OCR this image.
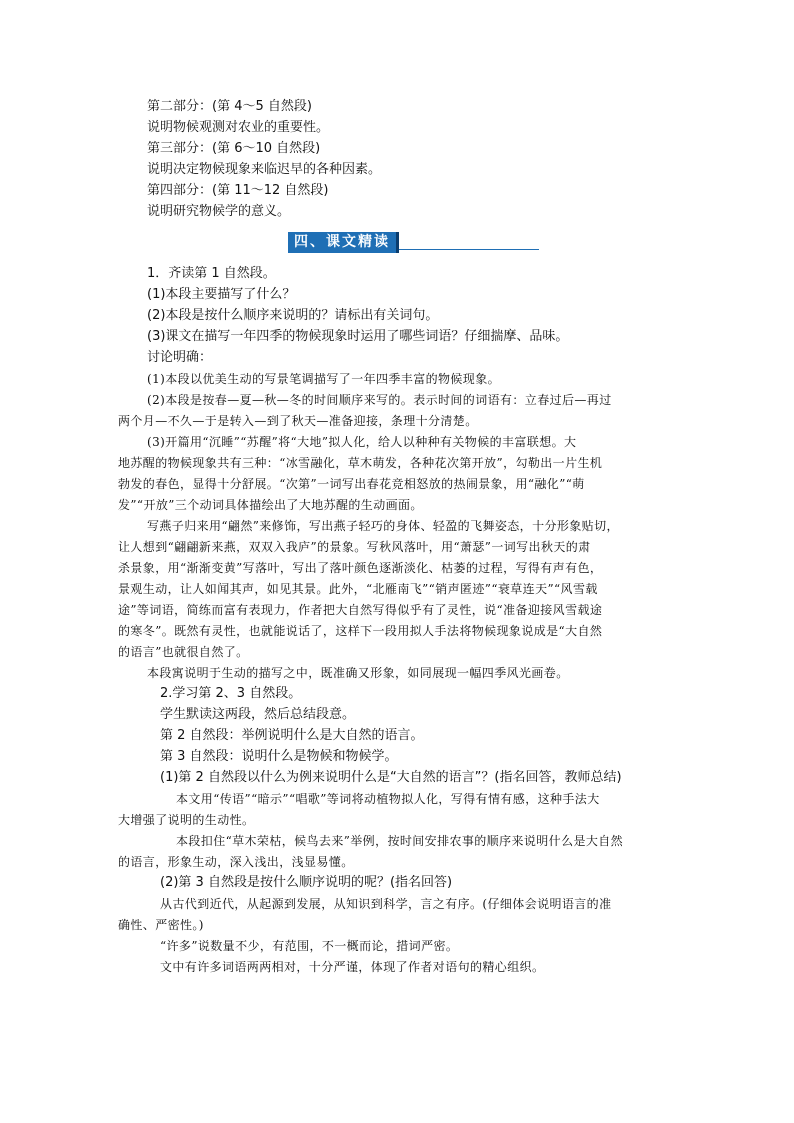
第二部分：(第 4～5 自然段)
说明物候观测对农业的重要性。
第三部分：(第 6～10 自然段)
说明决定物候现象来临迟早的各种因素。
第四部分：(第 11～12 自然段)
说明研究物候学的意义。
四、课文精读
1．齐读第 1 自然段。
(1)本段主要描写了什么？
(2)本段是按什么顺序来说明的？请标出有关词句。
(3)课文在描写一年四季的物候现象时运用了哪些词语？仔细揣摩、品味。
讨论明确：
(1)本段以优美生动的写景笔调描写了一年四季丰富的物候现象。
(2)本段是按春—夏—秋—冬的时间顺序来写的。表示时间的词语有：立春过后—再过
两个月—不久—于是转入—到了秋天—准备迎接，条理十分清楚。
(3)开篇用“沉睡”“苏醒”将“大地”拟人化，给人以种种有关物候的丰富联想。大
地苏醒的物候现象共有三种：“冰雪融化，草木萌发，各种花次第开放”，勾勒出一片生机
勃发的春色，显得十分舒展。“次第”一词写出春花竞相怒放的热闹景象，用“融化”“萌
发”“开放”三个动词具体描绘出了大地苏醒的生动画面。
写燕子归来用“翩然”来修饰，写出燕子轻巧的身体、轻盈的飞舞姿态，十分形象贴切，
让人想到“翩翩新来燕，双双入我庐”的景象。写秋风落叶，用“萧瑟”一词写出秋天的肃
杀景象，用“渐渐变黄”写落叶，写出了落叶颜色逐渐淡化、枯萎的过程，写得有声有色，
景观生动，让人如闻其声，如见其景。此外，“北雁南飞”“销声匿迹”“衰草连天”“风雪载
途”等词语，简练而富有表现力，作者把大自然写得似乎有了灵性，说“准备迎接风雪载途
的寒冬”。既然有灵性，也就能说话了，这样下一段用拟人手法将物候现象说成是“大自然
的语言”也就很自然了。
本段寓说明于生动的描写之中，既准确又形象，如同展现一幅四季风光画卷。
2.学习第 2、3 自然段。
学生默读这两段，然后总结段意。
第 2 自然段：举例说明什么是大自然的语言。
第 3 自然段：说明什么是物候和物候学。
(1)第 2 自然段以什么为例来说明什么是“大自然的语言”？(指名回答，教师总结)
本文用“传语”“暗示”“唱歌”等词将动植物拟人化，写得有情有感，这种手法大
大增强了说明的生动性。
本段扣住“草木荣枯，候鸟去来”举例，按时间安排农事的顺序来说明什么是大自然
的语言，形象生动，深入浅出，浅显易懂。
(2)第 3 自然段是按什么顺序说明的呢？(指名回答)
从古代到近代，从起源到发展，从知识到科学，言之有序。(仔细体会说明语言的准
确性、严密性。)
“许多”说数量不少，有范围，不一概而论，措词严密。
文中有许多词语两两相对，十分严谨，体现了作者对语句的精心组织。
